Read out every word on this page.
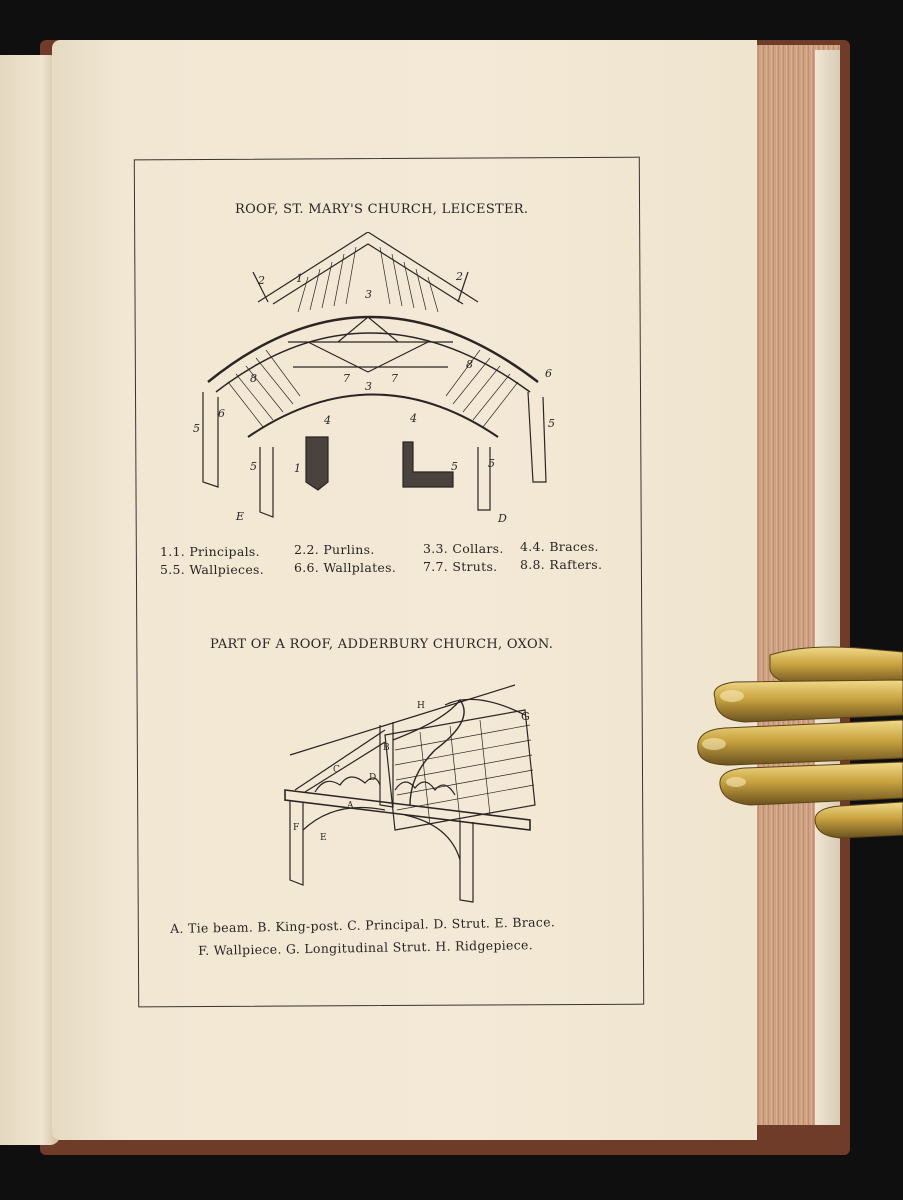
ROOF, ST. MARY'S CHURCH, LEICESTER.
2	1	2
3
8
8
6
6
5	5
4	4
5	1	5	5
7	7
3
E	D
1.1. Principals.	2.2. Purlins.	3.3. Collars. 4.4. Braces.
5.5. Wallpieces. 6.6. Wallplates. 7.7. Struts. 8.8. Rafters.
PART OF A ROOF, ADDERBURY CHURCH, OXON.
H
G
B
C
D
A
F
E
A. Tie beam. B. King-post. C. Principal. D. Strut. E. Brace.
F. Wallpiece. G. Longitudinal Strut. H. Ridgepiece.
